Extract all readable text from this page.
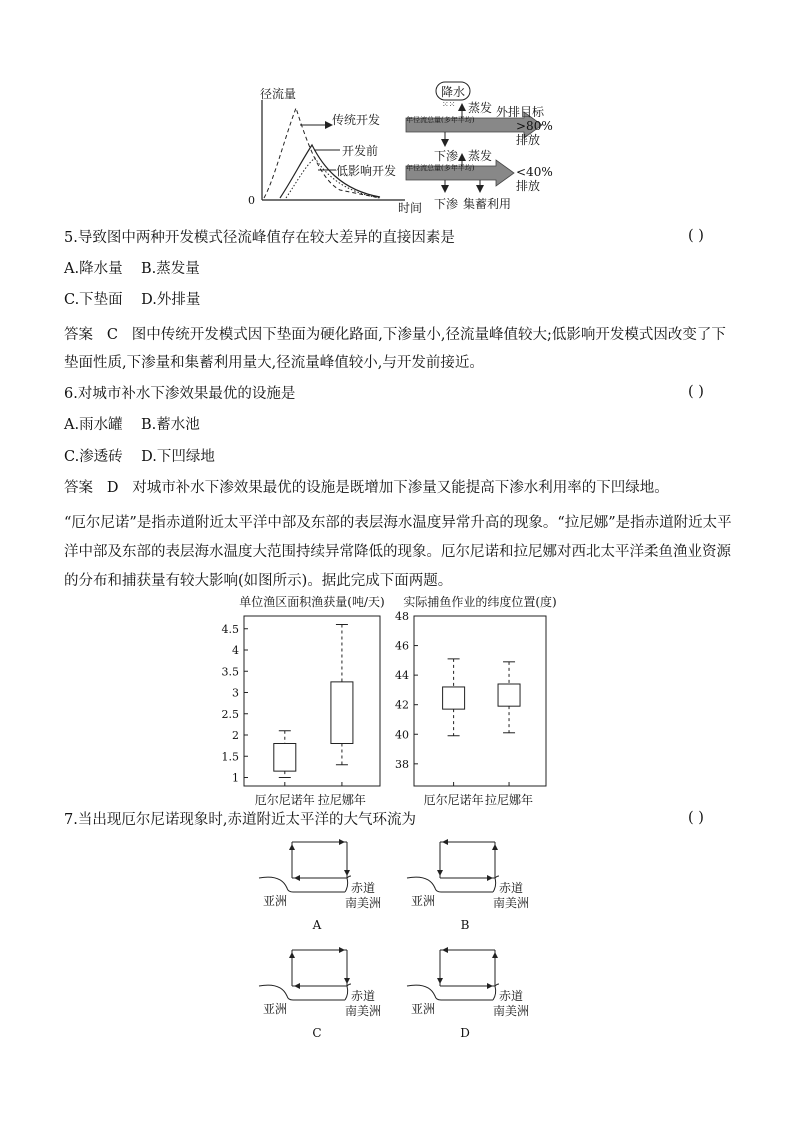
径流量
0
时间
传统开发
开发前
低影响开发
降水
⁙⁙
年径流总量(多年平均)
蒸发
下渗
外排目标
>80%
排放
年径流总量(多年平均)
蒸发
下渗 集蓄利用
<40%
排放
5.导致图中两种开发模式径流峰值存在较大差异的直接因素是	( )
A.降水量    B.蒸发量
C.下垫面    D.外排量
答案   C   图中传统开发模式因下垫面为硬化路面,下渗量小,径流量峰值较大;低影响开发模式因改变了下垫面性质,下渗量和集蓄利用量大,径流量峰值较小,与开发前接近。
6.对城市补水下渗效果最优的设施是	( )
A.雨水罐    B.蓄水池
C.渗透砖    D.下凹绿地
答案   D   对城市补水下渗效果最优的设施是既增加下渗量又能提高下渗水利用率的下凹绿地。
“厄尔尼诺”是指赤道附近太平洋中部及东部的表层海水温度异常升高的现象。“拉尼娜”是指赤道附近太平洋中部及东部的表层海水温度大范围持续异常降低的现象。厄尔尼诺和拉尼娜对西北太平洋柔鱼渔业资源的分布和捕获量有较大影响(如图所示)。据此完成下面两题。
单位渔区面积渔获量(吨/天)
1
1.5
2
2.5
3
3.5
4
4.5
厄尔尼诺年 拉尼娜年
实际捕鱼作业的纬度位置(度)
38
40
42
44
46
48
厄尔尼诺年 拉尼娜年
7.当出现厄尔尼诺现象时,赤道附近太平洋的大气环流为	( )
亚洲
赤道
南美洲
A
亚洲
赤道
南美洲
B
亚洲
赤道
南美洲
C
亚洲
赤道
南美洲
D
